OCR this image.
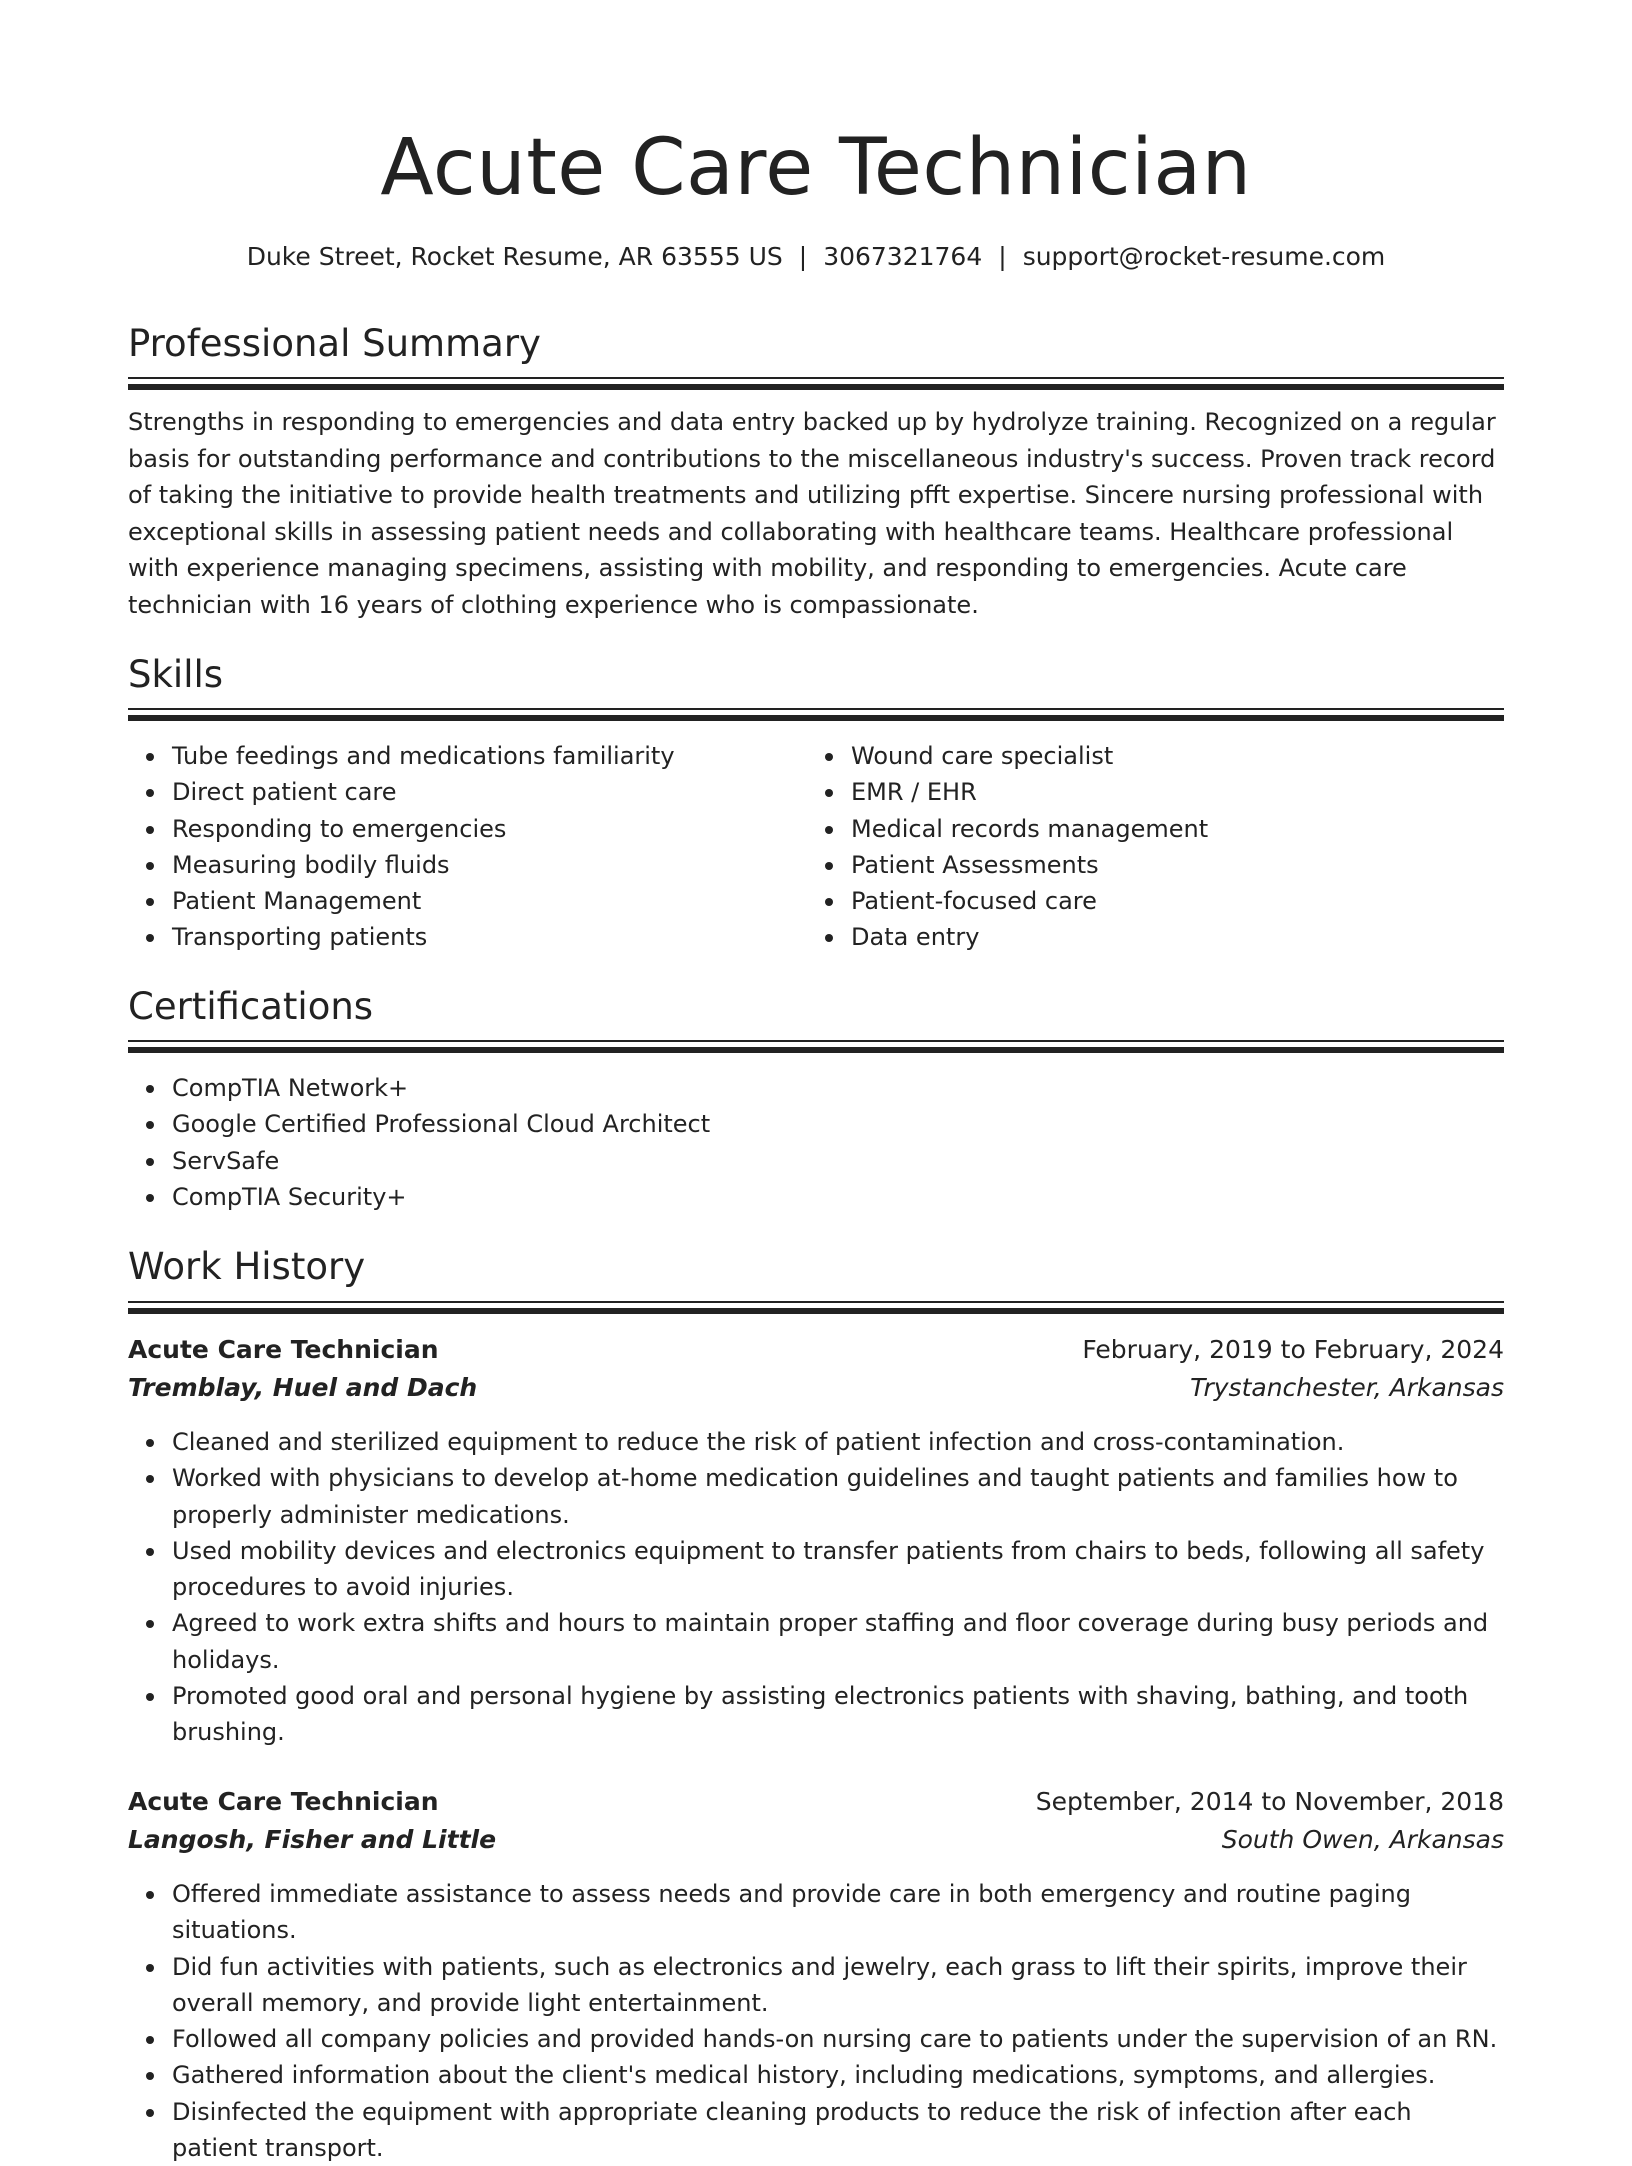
Acute Care Technician
Duke Street, Rocket Resume, AR 63555 US | 3067321764 | support@rocket-resume.com
Professional Summary

Strengths in responding to emergencies and data entry backed up by hydrolyze training. Recognized on a regular basis for outstanding performance and contributions to the miscellaneous industry's success. Proven track record of taking the initiative to provide health treatments and utilizing pfft expertise. Sincere nursing professional with exceptional skills in assessing patient needs and collaborating with healthcare teams. Healthcare professional with experience managing specimens, assisting with mobility, and responding to emergencies. Acute care technician with 16 years of clothing experience who is compassionate.

Skills
Tube feedings and medications familiarity
Direct patient care
Responding to emergencies
Measuring bodily fluids
Patient Management
Transporting patients
Wound care specialist
EMR / EHR
Medical records management
Patient Assessments
Patient-focused care
Data entry
Certifications
CompTIA Network+
Google Certified Professional Cloud Architect
ServSafe
CompTIA Security+
Work History
Acute Care Technician	February, 2019 to February, 2024
Tremblay, Huel and Dach	Trystanchester, Arkansas
Cleaned and sterilized equipment to reduce the risk of patient infection and cross-contamination.
Worked with physicians to develop at-home medication guidelines and taught patients and families how to properly administer medications.
Used mobility devices and electronics equipment to transfer patients from chairs to beds, following all safety procedures to avoid injuries.
Agreed to work extra shifts and hours to maintain proper staffing and floor coverage during busy periods and holidays.
Promoted good oral and personal hygiene by assisting electronics patients with shaving, bathing, and tooth brushing.
Acute Care Technician	September, 2014 to November, 2018
Langosh, Fisher and Little	South Owen, Arkansas
Offered immediate assistance to assess needs and provide care in both emergency and routine paging situations.
Did fun activities with patients, such as electronics and jewelry, each grass to lift their spirits, improve their overall memory, and provide light entertainment.
Followed all company policies and provided hands-on nursing care to patients under the supervision of an RN.
Gathered information about the client's medical history, including medications, symptoms, and allergies.
Disinfected the equipment with appropriate cleaning products to reduce the risk of infection after each patient transport.
